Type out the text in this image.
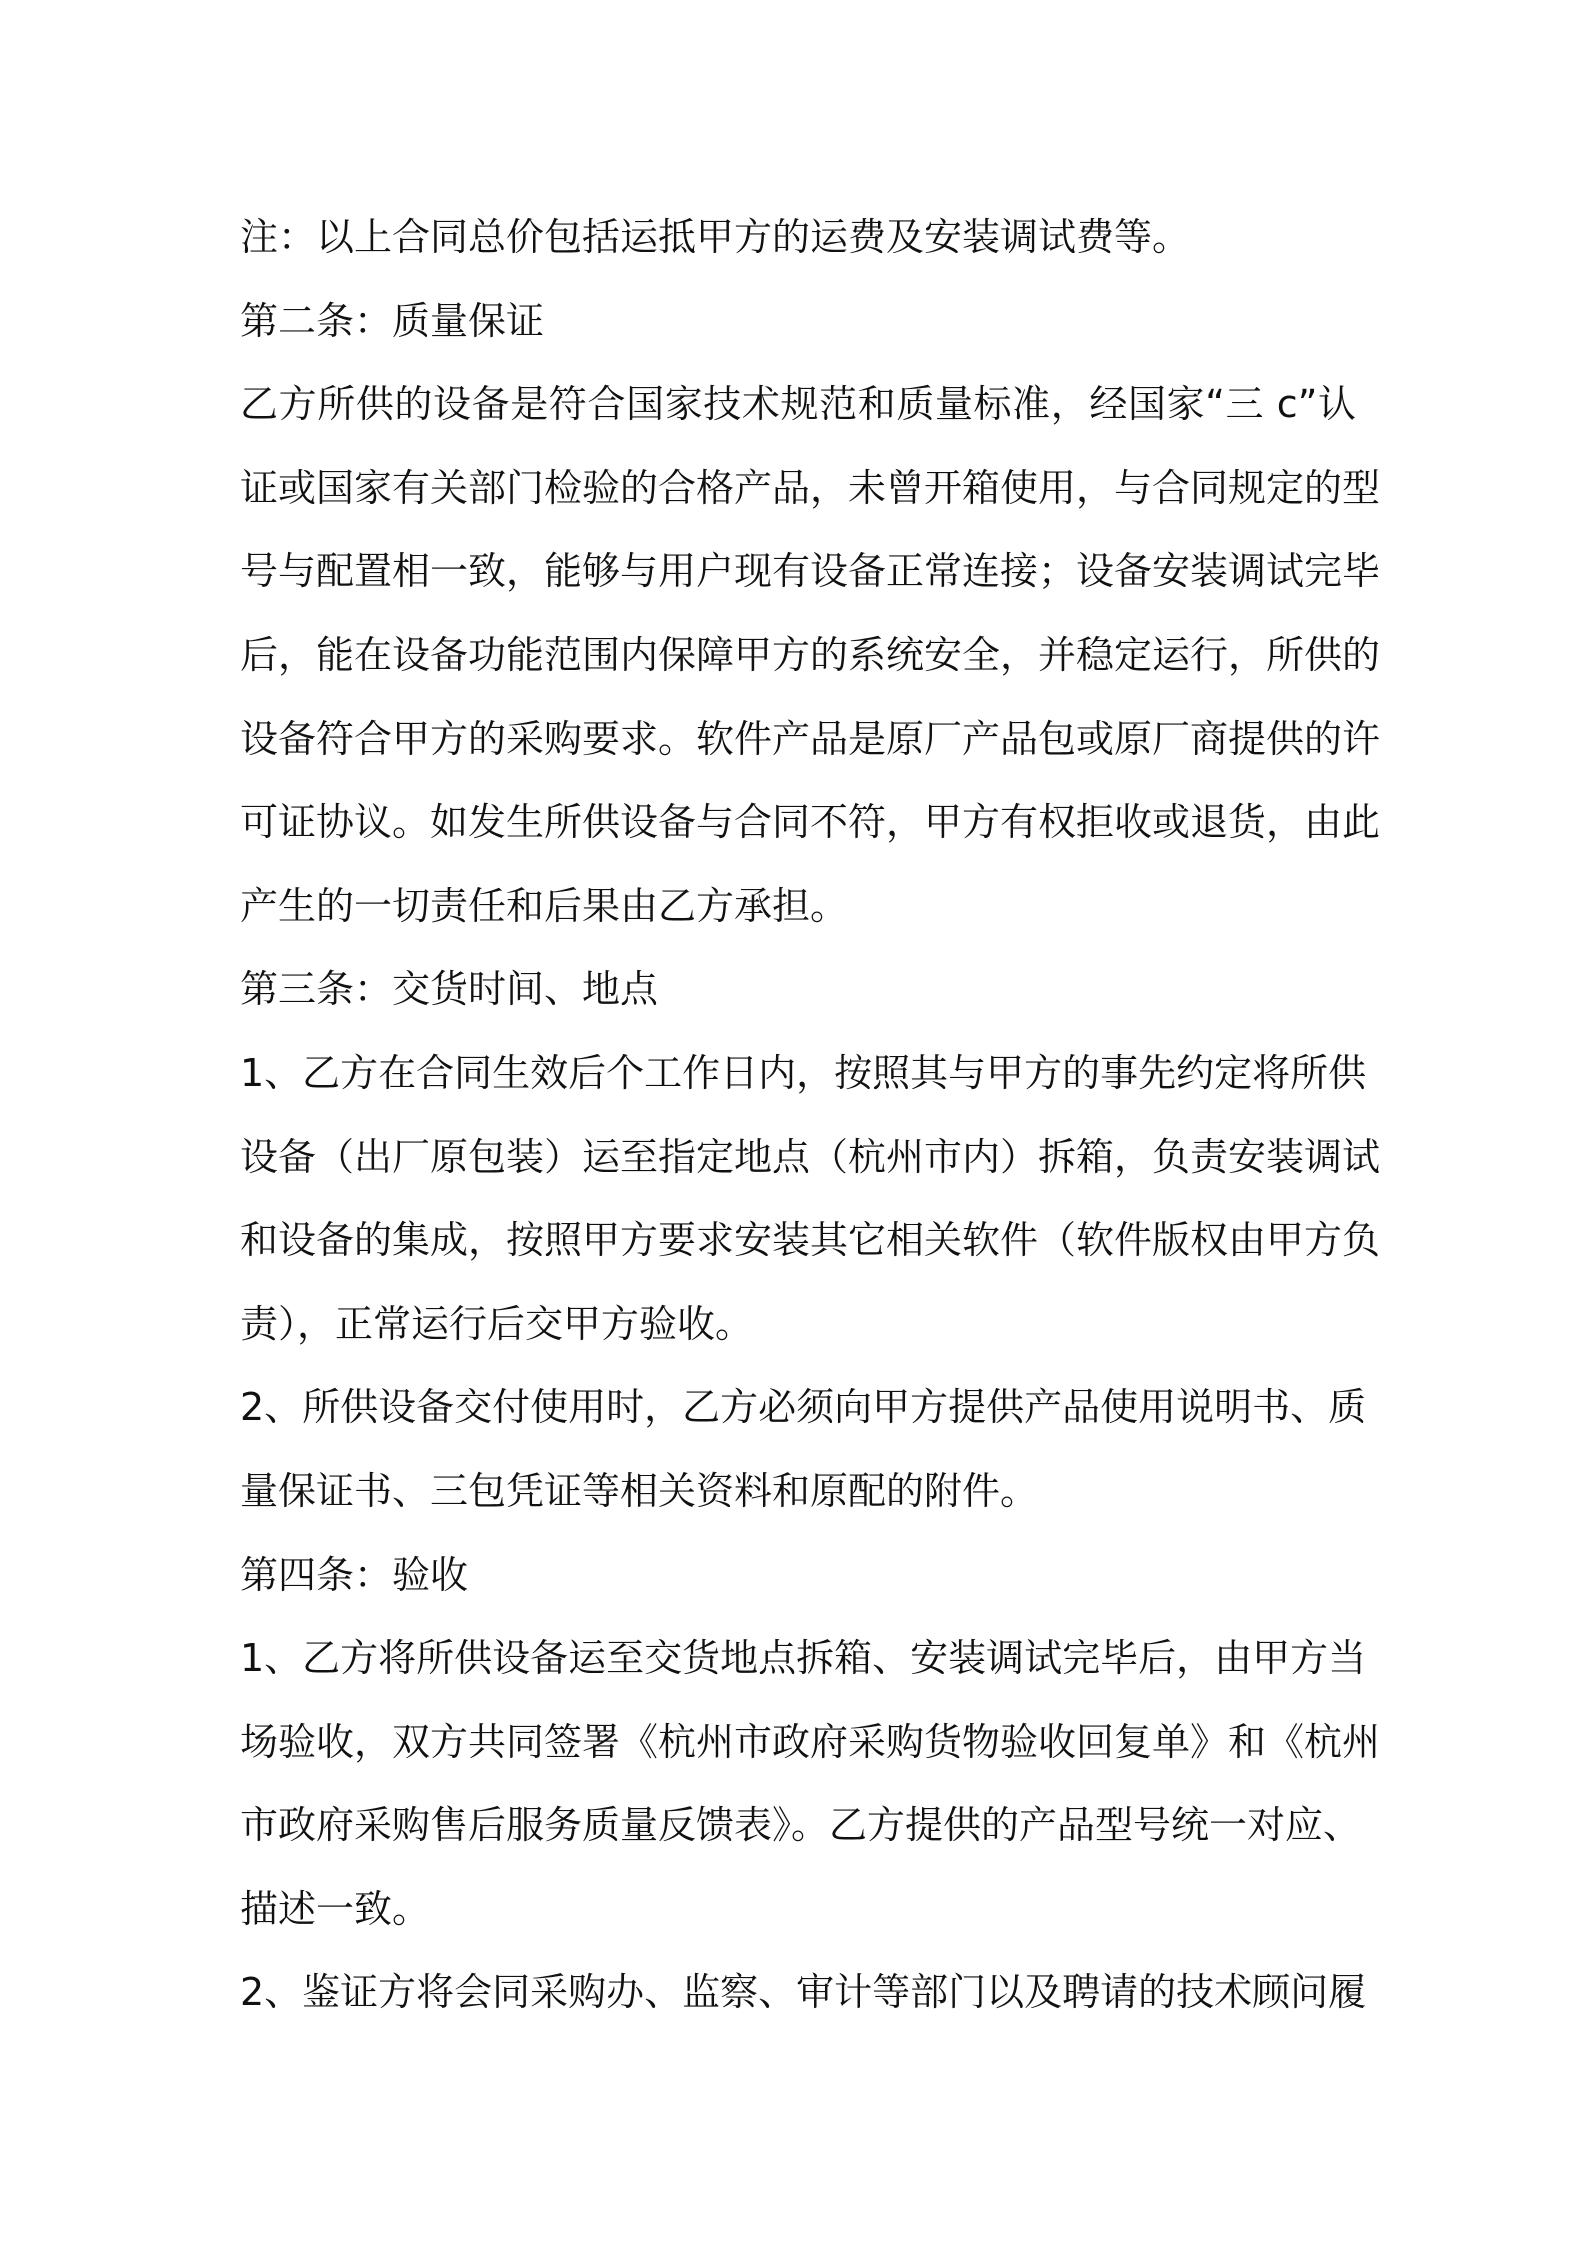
注：以上合同总价包括运抵甲方的运费及安装调试费等。
第二条：质量保证
乙方所供的设备是符合国家技术规范和质量标准，经国家“三 c”认
证或国家有关部门检验的合格产品，未曾开箱使用，与合同规定的型
号与配置相一致，能够与用户现有设备正常连接；设备安装调试完毕
后，能在设备功能范围内保障甲方的系统安全，并稳定运行，所供的
设备符合甲方的采购要求。软件产品是原厂产品包或原厂商提供的许
可证协议。如发生所供设备与合同不符，甲方有权拒收或退货，由此
产生的一切责任和后果由乙方承担。
第三条：交货时间、地点
1、乙方在合同生效后个工作日内，按照其与甲方的事先约定将所供
设备（出厂原包装）运至指定地点（杭州市内）拆箱，负责安装调试
和设备的集成，按照甲方要求安装其它相关软件（软件版权由甲方负
责），正常运行后交甲方验收。
2、所供设备交付使用时，乙方必须向甲方提供产品使用说明书、质
量保证书、三包凭证等相关资料和原配的附件。
第四条：验收
1、乙方将所供设备运至交货地点拆箱、安装调试完毕后，由甲方当
场验收，双方共同签署《杭州市政府采购货物验收回复单》和《杭州
市政府采购售后服务质量反馈表》。乙方提供的产品型号统一对应、
描述一致。
2、鉴证方将会同采购办、监察、审计等部门以及聘请的技术顾问履
